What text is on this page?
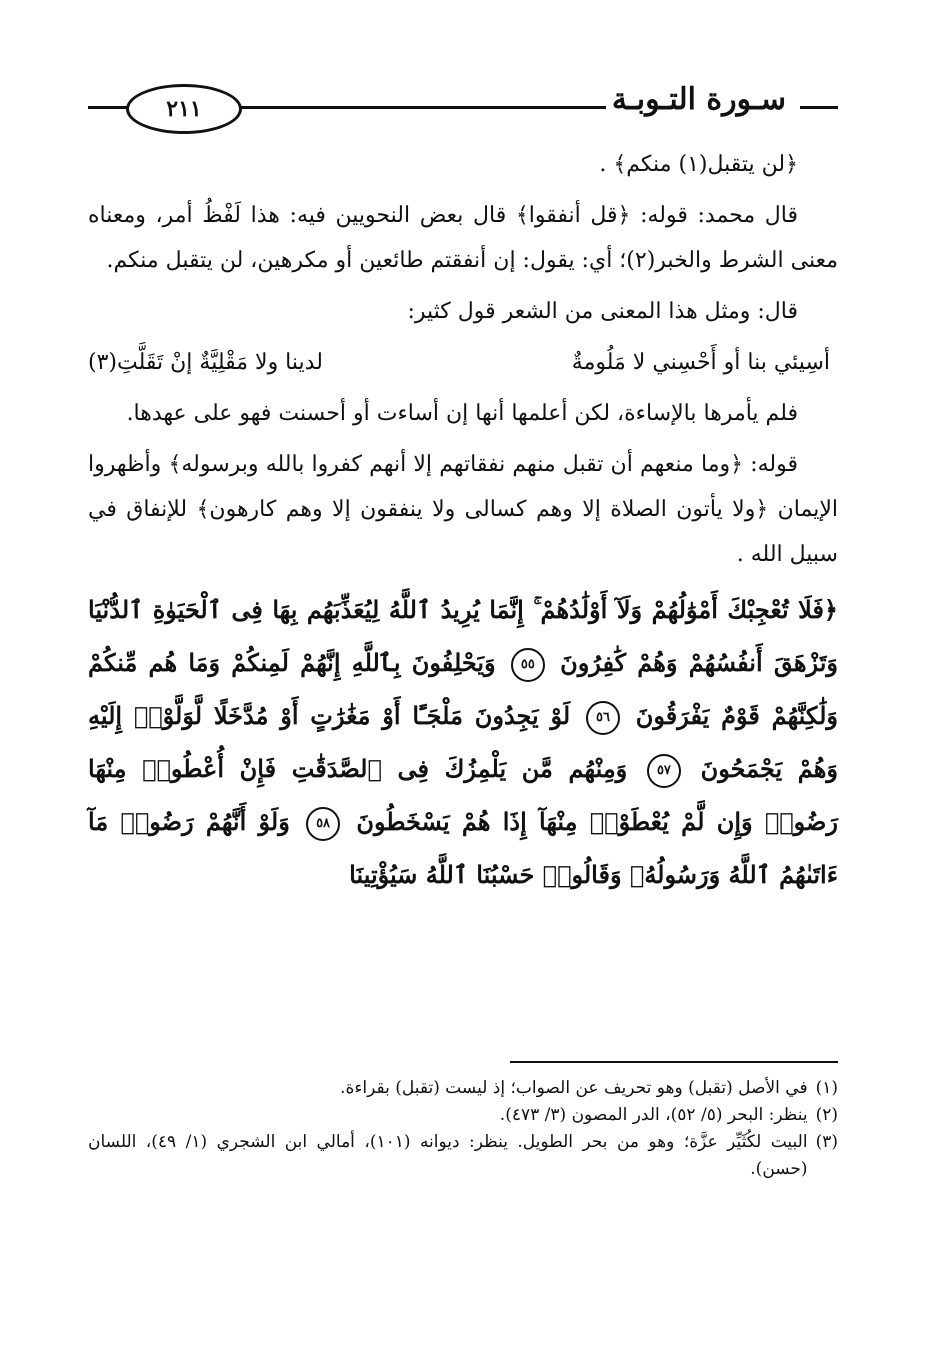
سـورة التـوبـة
٢١١

﴿لن يتقبل(١) منكم﴾ .

قال محمد: قوله: ﴿قل أنفقوا﴾ قال بعض النحويين فيه: هذا لَفْظُ أمر، ومعناه معنى الشرط والخبر(٢)؛ أي: يقول: إن أنفقتم طائعين أو مكرهين، لن يتقبل منكم.

قال: ومثل هذا المعنى من الشعر قول كثير:

أسِيئي بنا أو أَحْسِني لا مَلُومةٌ
لدينا ولا مَقْلِيَّةٌ إنْ تَقَلَّتِ(٣)

فلم يأمرها بالإساءة، لكن أعلمها أنها إن أساءت أو أحسنت فهو على عهدها.

قوله: ﴿وما منعهم أن تقبل منهم نفقاتهم إلا أنهم كفروا بالله وبرسوله﴾ وأظهروا الإيمان ﴿ولا يأتون الصلاة إلا وهم كسالى ولا ينفقون إلا وهم كارهون﴾ للإنفاق في سبيل الله .

﴿فَلَا تُعْجِبْكَ أَمْوَٰلُهُمْ وَلَآ أَوْلَٰدُهُمْ ۚ إِنَّمَا يُرِيدُ ٱللَّهُ لِيُعَذِّبَهُم بِهَا فِى ٱلْحَيَوٰةِ ٱلدُّنْيَا وَتَزْهَقَ أَنفُسُهُمْ وَهُمْ كَٰفِرُونَ ٥٥ وَيَحْلِفُونَ بِٱللَّهِ إِنَّهُمْ لَمِنكُمْ وَمَا هُم مِّنكُمْ وَلَٰكِنَّهُمْ قَوْمٌ يَفْرَقُونَ ٥٦ لَوْ يَجِدُونَ مَلْجَـًٔا أَوْ مَغَٰرَٰتٍ أَوْ مُدَّخَلًا لَّوَلَّوْا۟ إِلَيْهِ وَهُمْ يَجْمَحُونَ ٥٧ وَمِنْهُم مَّن يَلْمِزُكَ فِى ٱلصَّدَقَٰتِ فَإِنْ أُعْطُوا۟ مِنْهَا رَضُوا۟ وَإِن لَّمْ يُعْطَوْا۟ مِنْهَآ إِذَا هُمْ يَسْخَطُونَ ٥٨ وَلَوْ أَنَّهُمْ رَضُوا۟ مَآ ءَاتَىٰهُمُ ٱللَّهُ وَرَسُولُهُۥ وَقَالُوا۟ حَسْبُنَا ٱللَّهُ سَيُؤْتِينَا
(١)
في الأصل (تقبل) وهو تحريف عن الصواب؛ إذ ليست (تقبل) بقراءة.
(٢)
ينظر: البحر (٥/ ٥٢)، الدر المصون (٣/ ٤٧٣).
(٣)
البيت لكُثَيِّر عزَّة؛ وهو من بحر الطويل. ينظر: ديوانه (١٠١)، أمالي ابن الشجري (١/ ٤٩)، اللسان (حسن).
